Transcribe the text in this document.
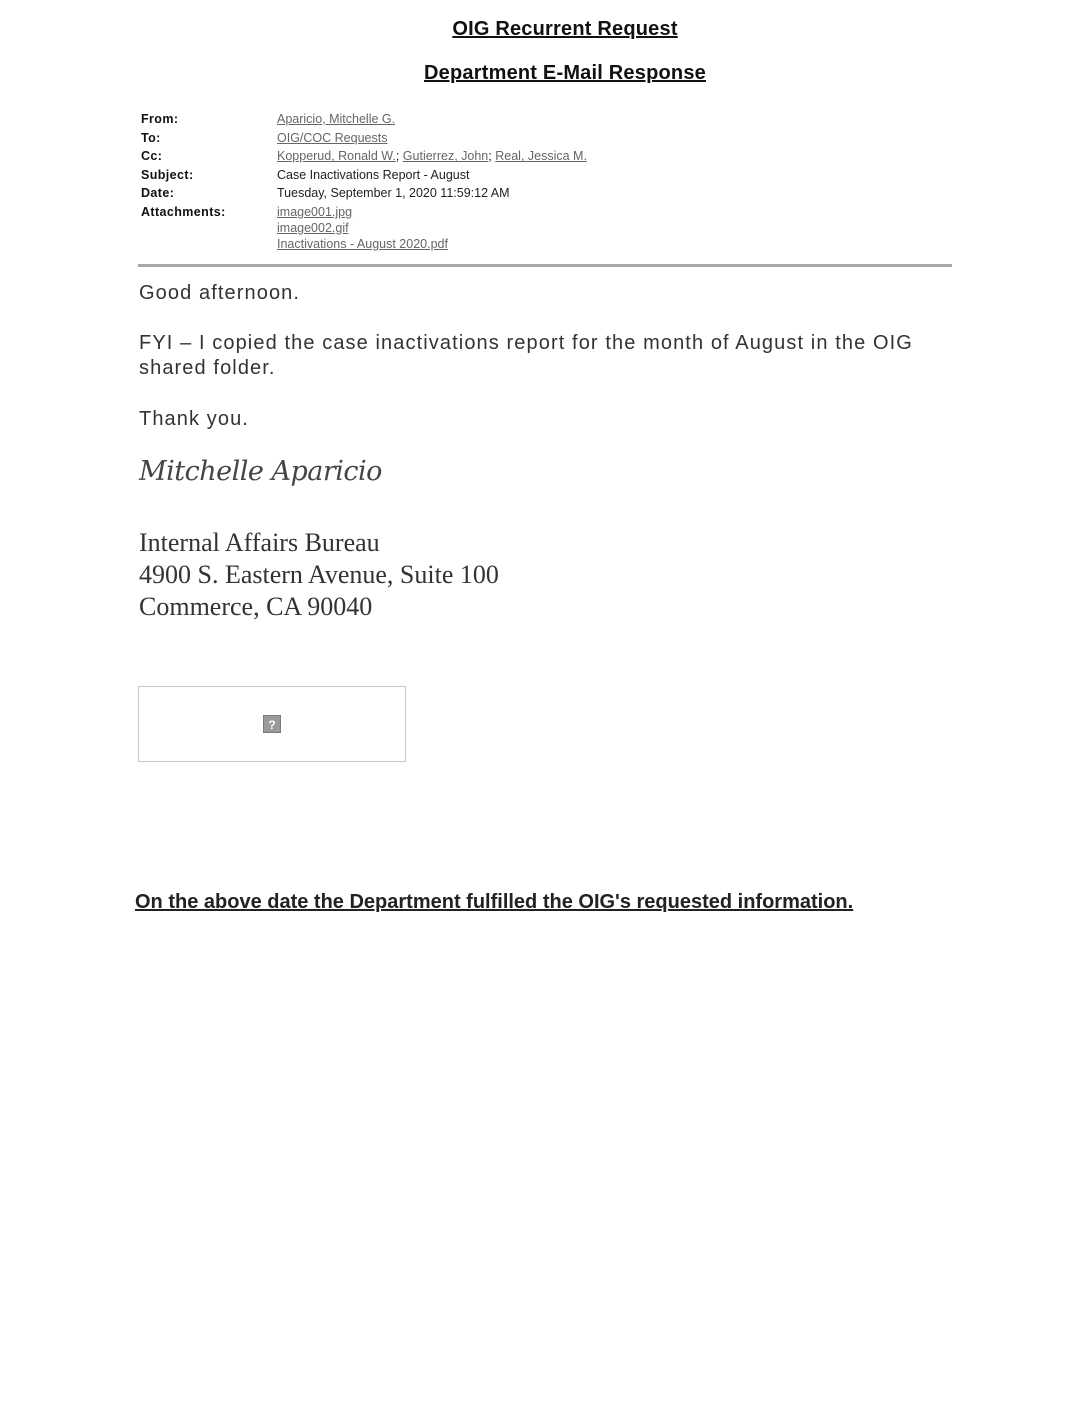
OIG Recurrent Request
Department E-Mail Response
From:	Aparicio, Mitchelle G.
To:	OIG/COC Requests
Cc:	Kopperud, Ronald W.; Gutierrez, John; Real, Jessica M.
Subject:	Case Inactivations Report - August
Date:	Tuesday, September 1, 2020 11:59:12 AM
Attachments:	image001.jpg
image002.gif
Inactivations - August 2020.pdf
Good afternoon.
FYI – I copied the case inactivations report for the month of August in the OIG shared folder.
Thank you.
Mitchelle Aparicio
Internal Affairs Bureau
4900 S. Eastern Avenue, Suite 100
Commerce, CA 90040
?
On the above date the Department fulfilled the OIG's requested information.
